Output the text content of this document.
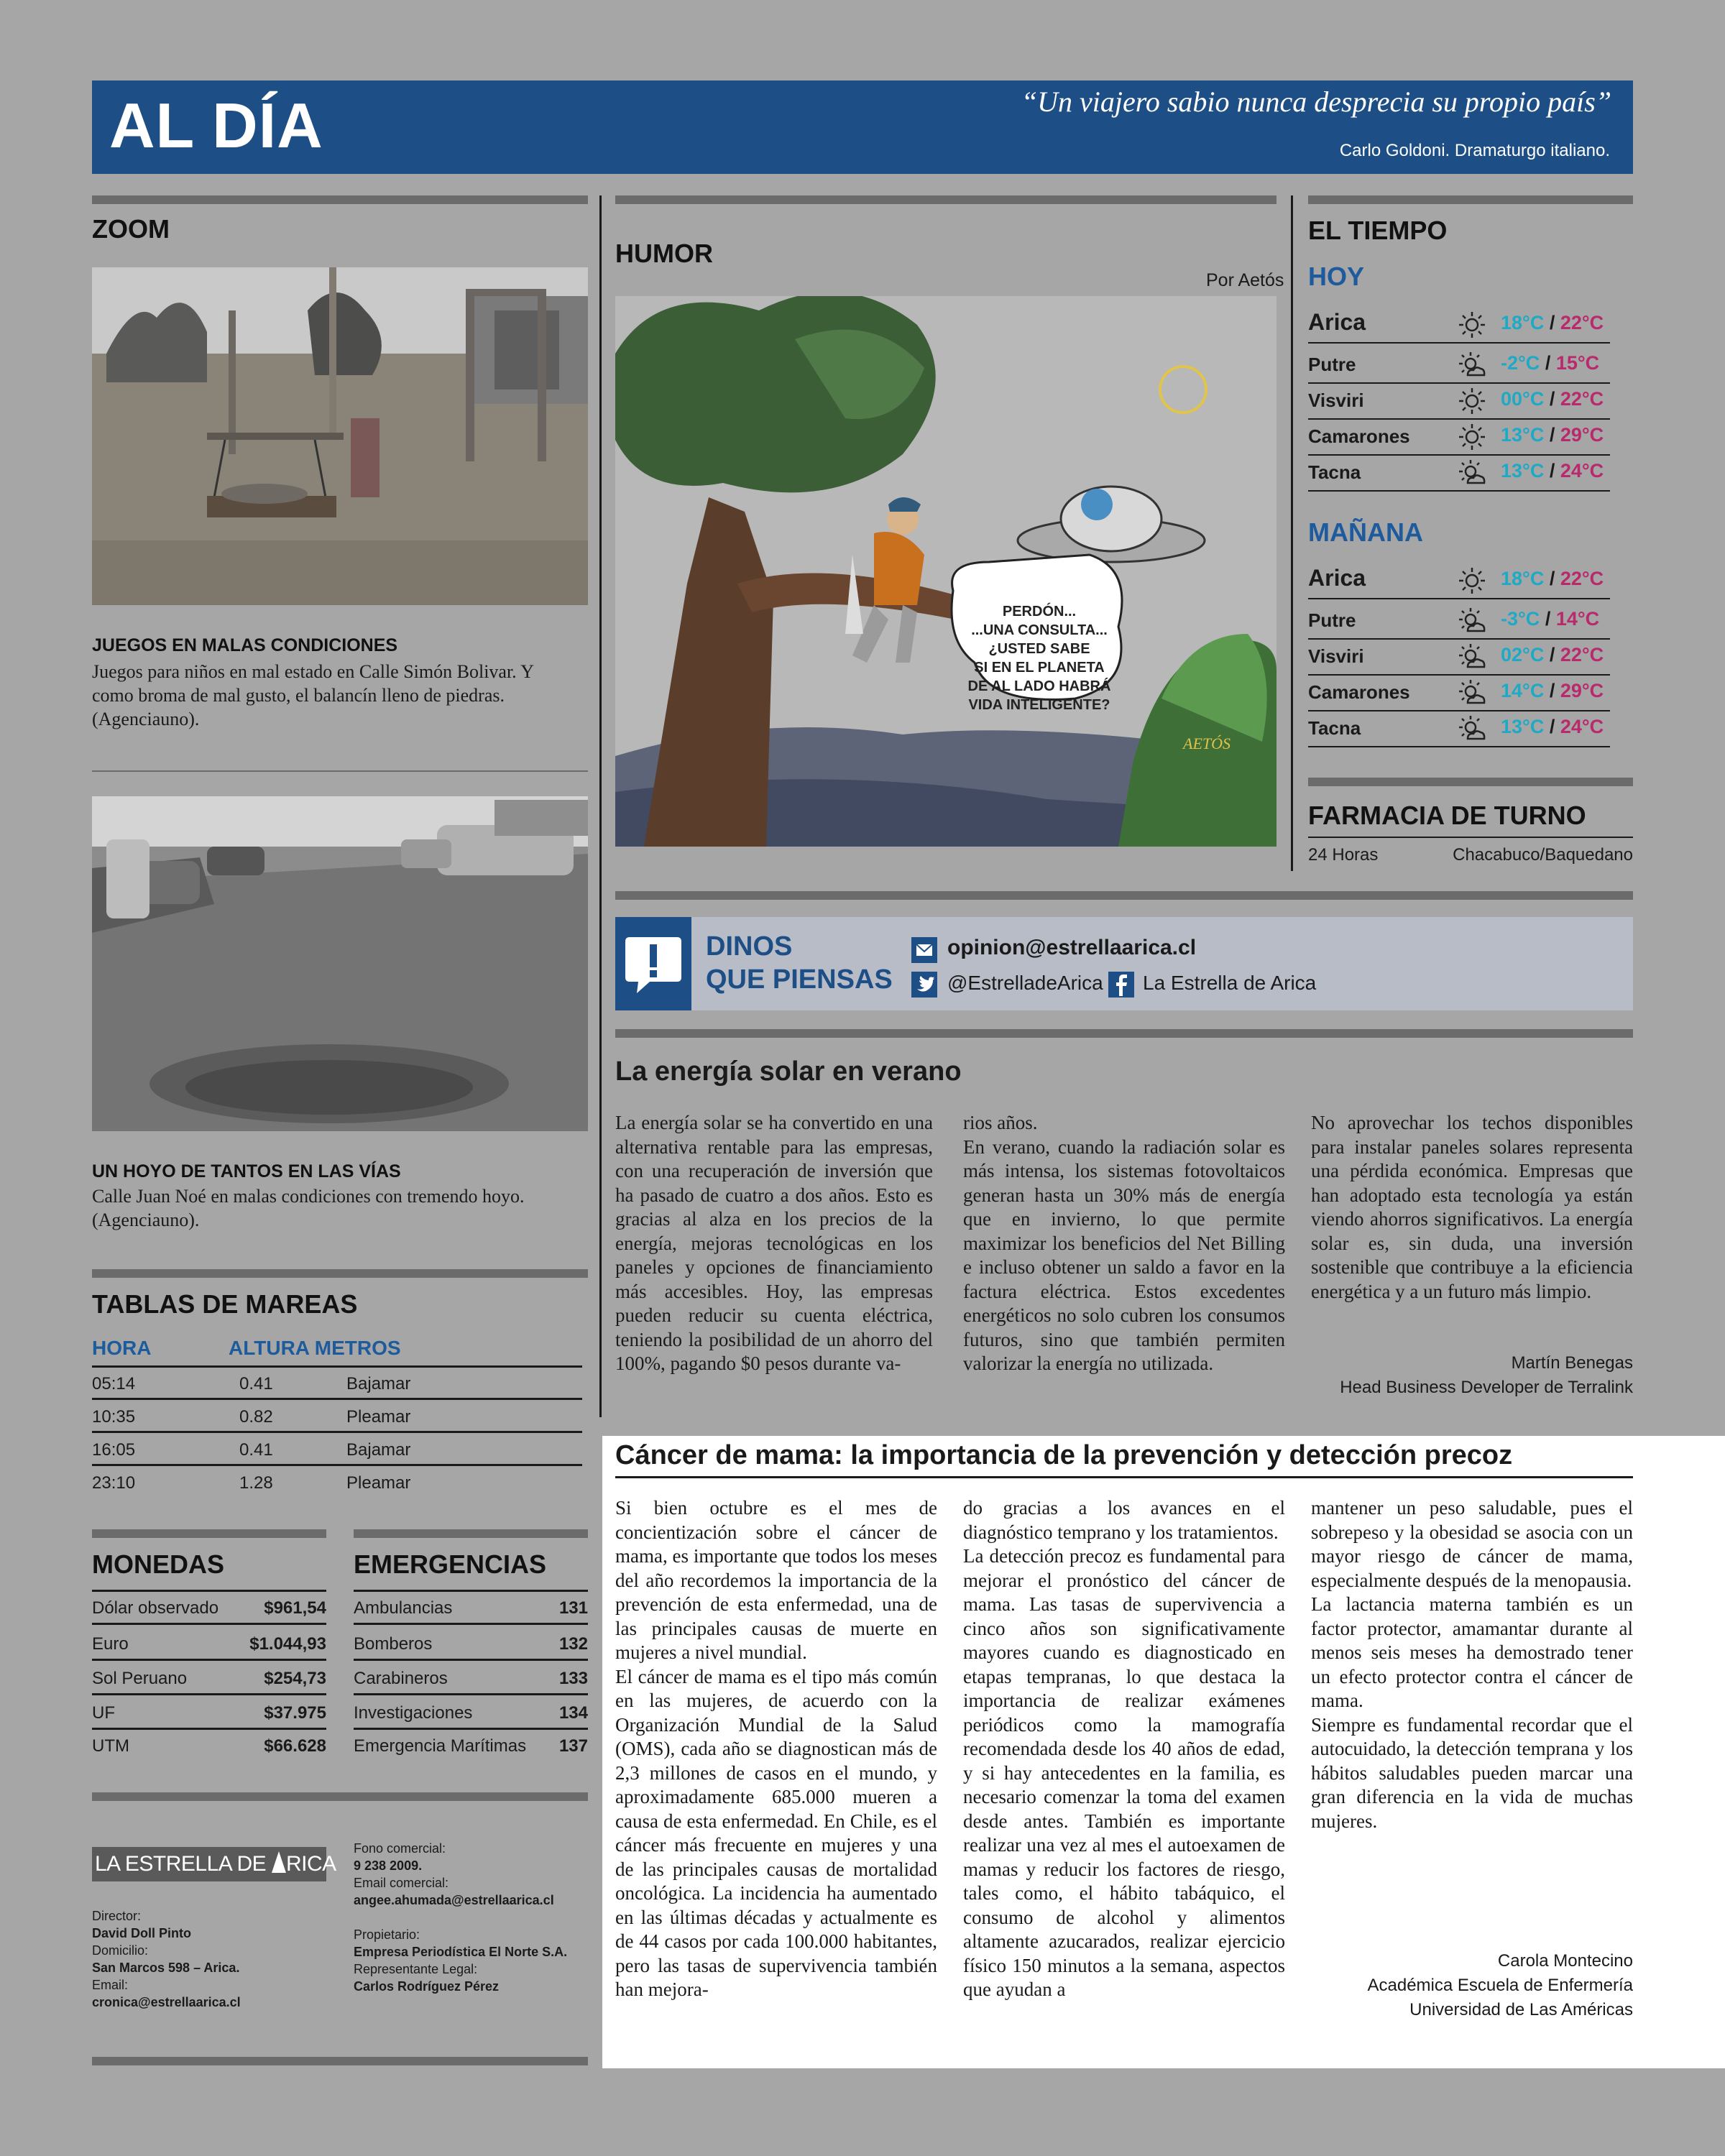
AL DÍA	“Un viajero sabio nunca desprecia su propio país”
Carlo Goldoni. Dramaturgo italiano.
ZOOM
JUEGOS EN MALAS CONDICIONES
Juegos para niños en mal estado en Calle Simón Bolivar. Y como broma de mal gusto, el balancín lleno de piedras. (Agenciauno).
UN HOYO DE TANTOS EN LAS VÍAS
Calle Juan Noé en malas condiciones con tremendo hoyo. (Agenciauno).
TABLAS DE MAREAS
HORA	ALTURA METROS
05:14	0.41	Bajamar
10:35	0.82	Pleamar
16:05	0.41	Bajamar
23:10	1.28	Pleamar
MONEDAS
Dólar observado	$961,54
Euro	$1.044,93
Sol Peruano	$254,73
UF	$37.975
UTM	$66.628
EMERGENCIAS
Ambulancias	131
Bomberos	132
Carabineros	133
Investigaciones	134
Emergencia Marítimas 137
LA ESTRELLA DE RICA
Director:
David Doll Pinto
Domicilio:
San Marcos 598 – Arica.
Email:
cronica@estrellaarica.cl
Fono comercial:
9 238 2009.
Email comercial:
angee.ahumada@estrellaarica.cl
Propietario:
Empresa Periodística El Norte S.A.
Representante Legal:
Carlos Rodríguez Pérez
HUMOR
Por Aetós
PERDÓN...
...UNA CONSULTA...
¿USTED SABE
SI EN EL PLANETA
DE AL LADO HABRÁ
VIDA INTELIGENTE?
AETÓS
EL TIEMPO
HOY
Arica	18°C / 22°C
Putre	-2°C / 15°C
Visviri	00°C / 22°C
Camarones	13°C / 29°C
Tacna	13°C / 24°C
MAÑANA
Arica	18°C / 22°C
Putre	-3°C / 14°C
Visviri	02°C / 22°C
Camarones	14°C / 29°C
Tacna	13°C / 24°C
FARMACIA DE TURNO
24 Horas	Chacabuco/Baquedano
DINOS
QUE PIENSAS
opinion@estrellaarica.cl
@EstrelladeArica La Estrella de Arica
La energía solar en verano
La energía solar se ha convertido en una alternativa rentable para las empresas, con una recuperación de inversión que ha pasado de cuatro a dos años. Esto es gracias al alza en los precios de la energía, mejoras tecnológicas en los paneles y opciones de financiamiento más accesibles. Hoy, las empresas pueden reducir su cuenta eléctrica, teniendo la posibilidad de un ahorro del 100%, pagando $0 pesos durante va-
rios años.
En verano, cuando la radiación solar es más intensa, los sistemas fotovoltaicos generan hasta un 30% más de energía que en invierno, lo que permite maximizar los beneficios del Net Billing e incluso obtener un saldo a favor en la factura eléctrica. Estos excedentes energéticos no solo cubren los consumos futuros, sino que también permiten valorizar la energía no utilizada.
No aprovechar los techos disponibles para instalar paneles solares representa una pérdida económica. Empresas que han adoptado esta tecnología ya están viendo ahorros significativos. La energía solar es, sin duda, una inversión sostenible que contribuye a la eficiencia energética y a un futuro más limpio.
Martín Benegas
Head Business Developer de Terralink
Cáncer de mama: la importancia de la prevención y detección precoz
Si bien octubre es el mes de concientización sobre el cáncer de mama, es importante que todos los meses del año recordemos la importancia de la prevención de esta enfermedad, una de las principales causas de muerte en mujeres a nivel mundial.
El cáncer de mama es el tipo más común en las mujeres, de acuerdo con la Organización Mundial de la Salud (OMS), cada año se diagnostican más de 2,3 millones de casos en el mundo, y aproximadamente 685.000 mueren a causa de esta enfermedad. En Chile, es el cáncer más frecuente en mujeres y una de las principales causas de mortalidad oncológica. La incidencia ha aumentado en las últimas décadas y actualmente es de 44 casos por cada 100.000 habitantes, pero las tasas de supervivencia también han mejora-
do gracias a los avances en el diagnóstico temprano y los tratamientos.
La detección precoz es fundamental para mejorar el pronóstico del cáncer de mama. Las tasas de supervivencia a cinco años son significativamente mayores cuando es diagnosticado en etapas tempranas, lo que destaca la importancia de realizar exámenes periódicos como la mamografía recomendada desde los 40 años de edad, y si hay antecedentes en la familia, es necesario comenzar la toma del examen desde antes. También es importante realizar una vez al mes el autoexamen de mamas y reducir los factores de riesgo, tales como, el hábito tabáquico, el consumo de alcohol y alimentos altamente azucarados, realizar ejercicio físico 150 minutos a la semana, aspectos que ayudan a
mantener un peso saludable, pues el sobrepeso y la obesidad se asocia con un mayor riesgo de cáncer de mama, especialmente después de la menopausia.
La lactancia materna también es un factor protector, amamantar durante al menos seis meses ha demostrado tener un efecto protector contra el cáncer de mama.
Siempre es fundamental recordar que el autocuidado, la detección temprana y los hábitos saludables pueden marcar una gran diferencia en la vida de muchas mujeres.
Carola Montecino
Académica Escuela de Enfermería
Universidad de Las Américas
